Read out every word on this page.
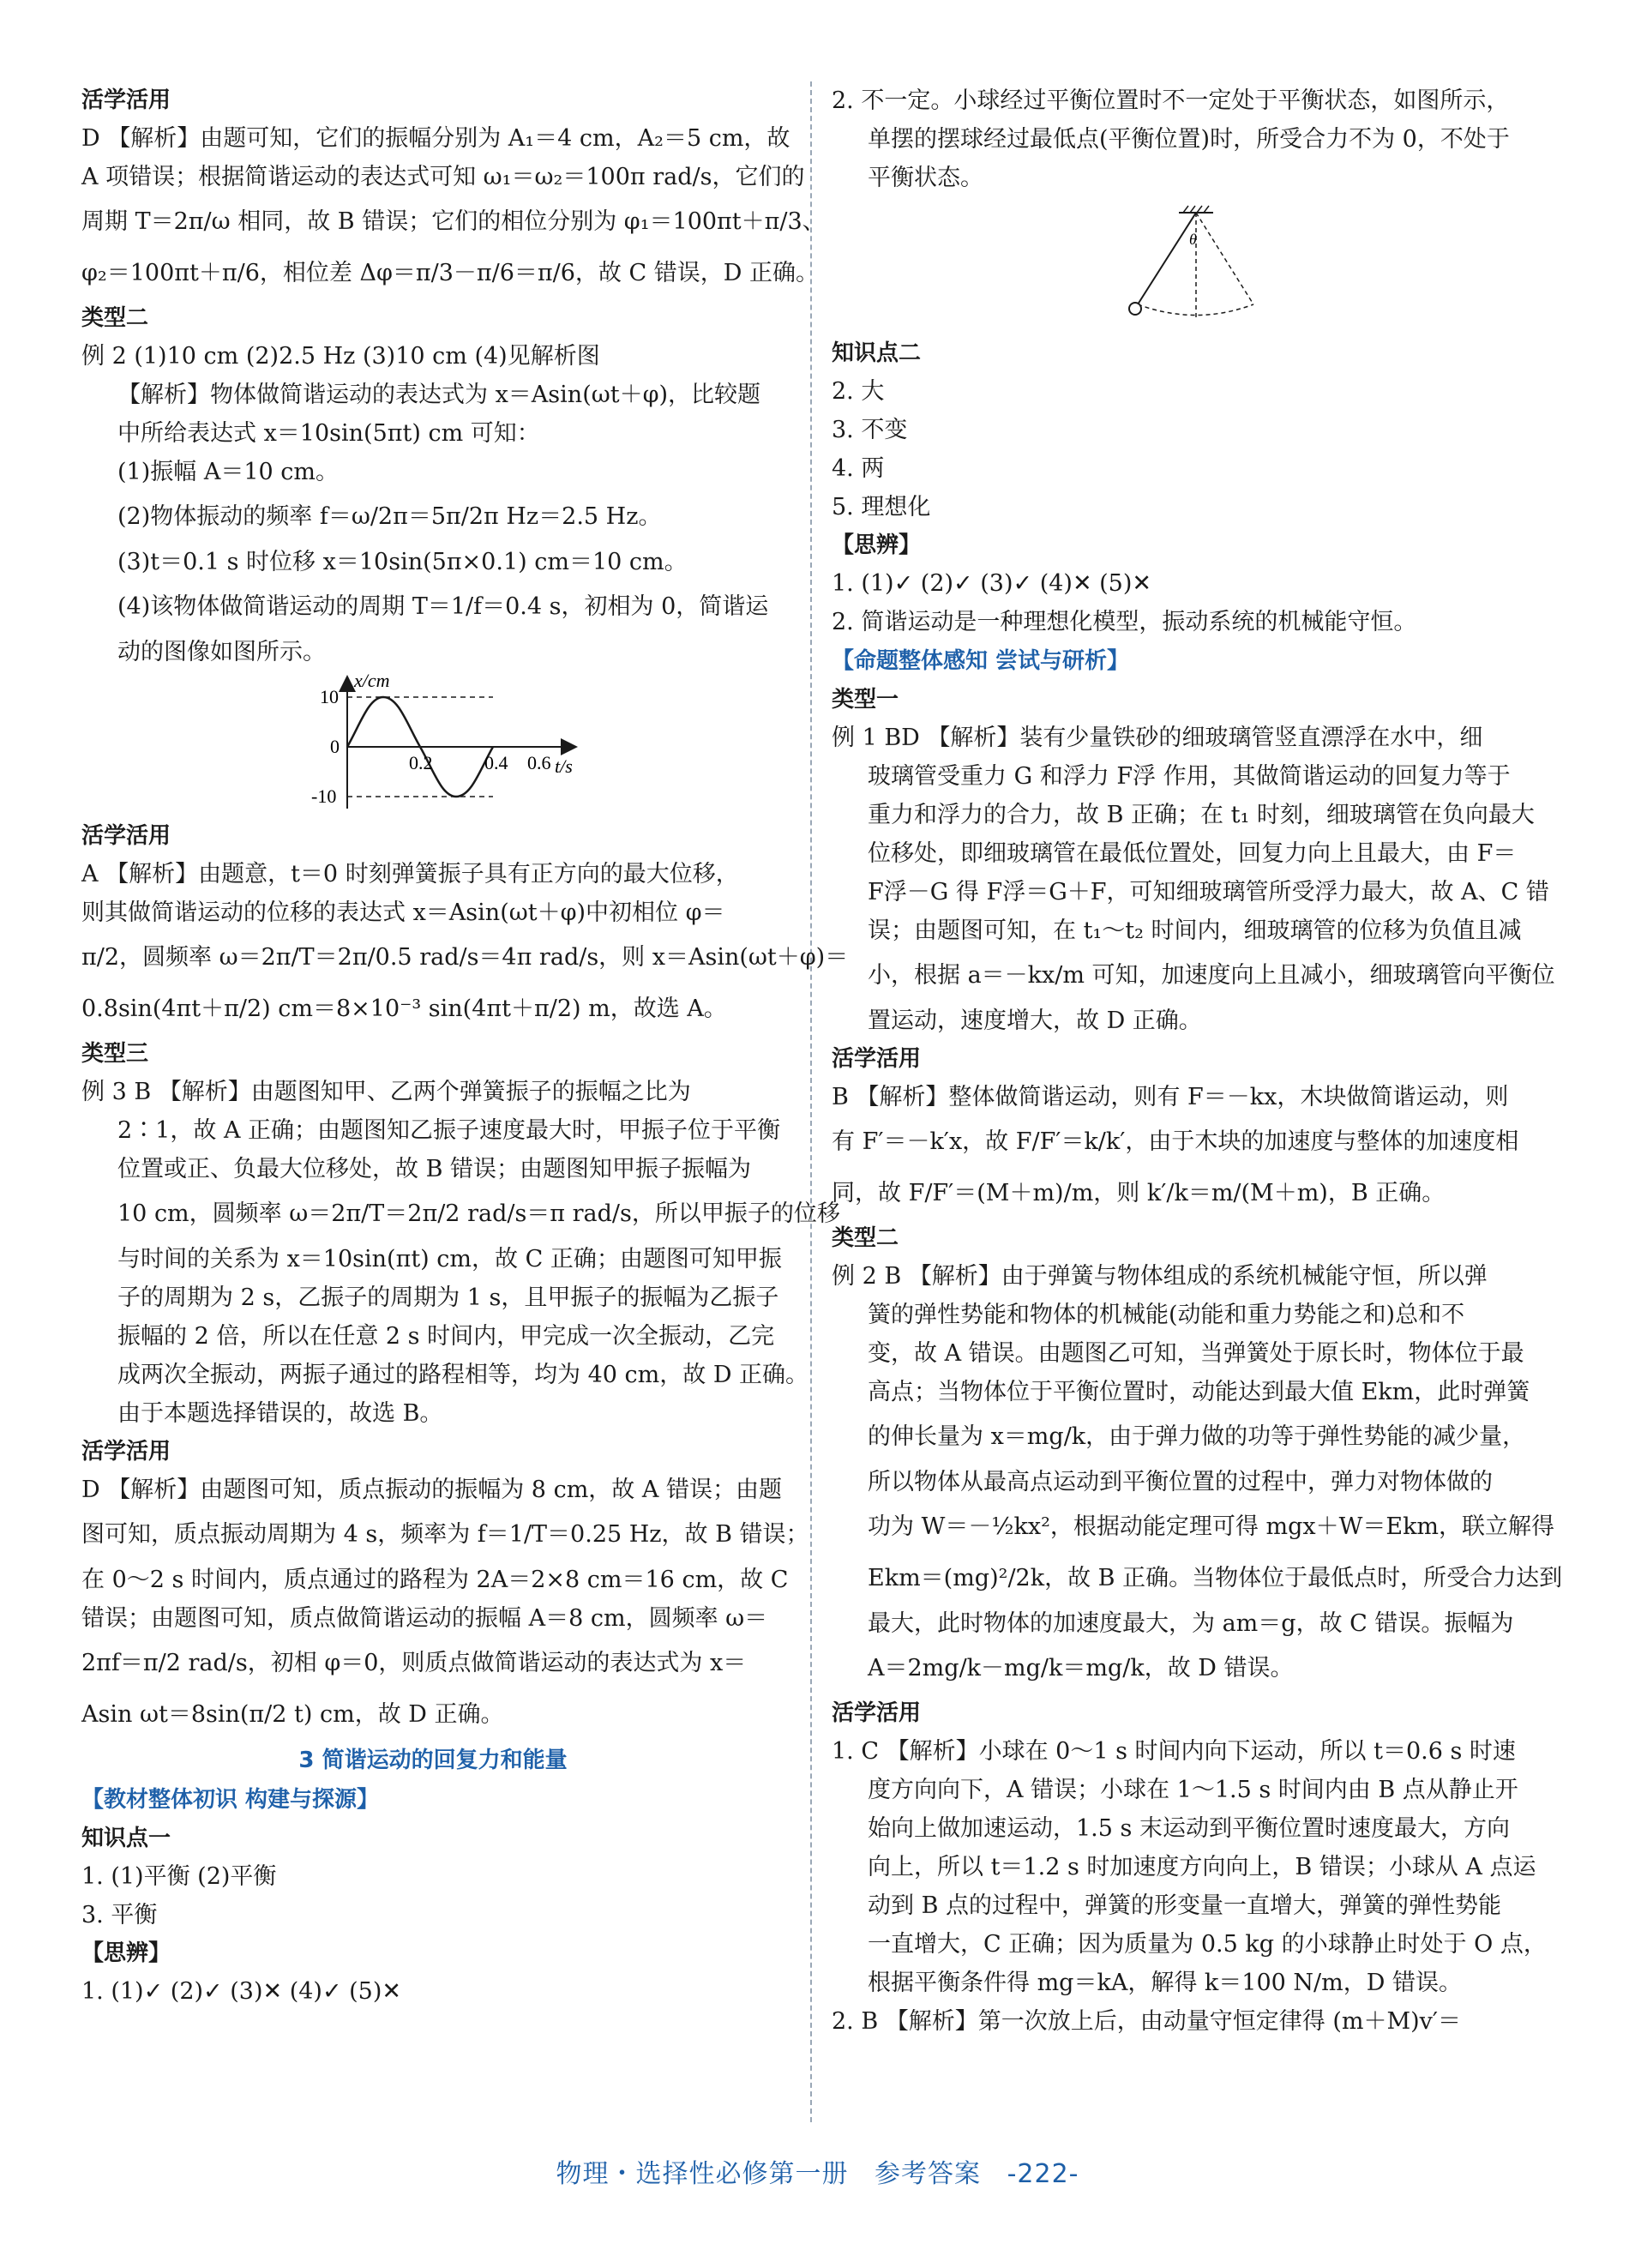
活学活用

D 【解析】由题可知，它们的振幅分别为 A₁＝4 cm，A₂＝5 cm，故

A 项错误；根据简谐运动的表达式可知 ω₁＝ω₂＝100π rad/s，它们的

周期 T＝2π/ω 相同，故 B 错误；它们的相位分别为 φ₁＝100πt＋π/3、

φ₂＝100πt＋π/6，相位差 Δφ＝π/3－π/6＝π/6，故 C 错误，D 正确。

类型二

例 2 (1)10 cm (2)2.5 Hz (3)10 cm (4)见解析图

【解析】物体做简谐运动的表达式为 x＝Asin(ωt＋φ)，比较题

中所给表达式 x＝10sin(5πt) cm 可知：

(1)振幅 A＝10 cm。

(2)物体振动的频率 f＝ω/2π＝5π/2π Hz＝2.5 Hz。

(3)t＝0.1 s 时位移 x＝10sin(5π×0.1) cm＝10 cm。

(4)该物体做简谐运动的周期 T＝1/f＝0.4 s，初相为 0，简谐运

动的图像如图所示。

x/cm
t/s
10
0
-10
0.2	0.4 0.6

活学活用

A 【解析】由题意，t＝0 时刻弹簧振子具有正方向的最大位移，

则其做简谐运动的位移的表达式 x＝Asin(ωt＋φ)中初相位 φ＝

π/2，圆频率 ω＝2π/T＝2π/0.5 rad/s＝4π rad/s，则 x＝Asin(ωt＋φ)＝

0.8sin(4πt＋π/2) cm＝8×10⁻³ sin(4πt＋π/2) m，故选 A。

类型三

例 3 B 【解析】由题图知甲、乙两个弹簧振子的振幅之比为

2∶1，故 A 正确；由题图知乙振子速度最大时，甲振子位于平衡

位置或正、负最大位移处，故 B 错误；由题图知甲振子振幅为

10 cm，圆频率 ω＝2π/T＝2π/2 rad/s＝π rad/s，所以甲振子的位移

与时间的关系为 x＝10sin(πt) cm，故 C 正确；由题图可知甲振

子的周期为 2 s，乙振子的周期为 1 s，且甲振子的振幅为乙振子

振幅的 2 倍，所以在任意 2 s 时间内，甲完成一次全振动，乙完

成两次全振动，两振子通过的路程相等，均为 40 cm，故 D 正确。

由于本题选择错误的，故选 B。

活学活用

D 【解析】由题图可知，质点振动的振幅为 8 cm，故 A 错误；由题

图可知，质点振动周期为 4 s，频率为 f＝1/T＝0.25 Hz，故 B 错误；

在 0～2 s 时间内，质点通过的路程为 2A＝2×8 cm＝16 cm，故 C

错误；由题图可知，质点做简谐运动的振幅 A＝8 cm，圆频率 ω＝

2πf＝π/2 rad/s，初相 φ＝0，则质点做简谐运动的表达式为 x＝

Asin ωt＝8sin(π/2 t) cm，故 D 正确。

3 简谐运动的回复力和能量

【教材整体初识 构建与探源】

知识点一

1. (1)平衡 (2)平衡

3. 平衡

【思辨】

1. (1)✓ (2)✓ (3)✕ (4)✓ (5)✕

2. 不一定。小球经过平衡位置时不一定处于平衡状态，如图所示，

单摆的摆球经过最低点(平衡位置)时，所受合力不为 0，不处于

平衡状态。

θ

知识点二

2. 大

3. 不变

4. 两

5. 理想化

【思辨】

1. (1)✓ (2)✓ (3)✓ (4)✕ (5)✕

2. 简谐运动是一种理想化模型，振动系统的机械能守恒。

【命题整体感知 尝试与研析】

类型一

例 1 BD 【解析】装有少量铁砂的细玻璃管竖直漂浮在水中，细

玻璃管受重力 G 和浮力 F浮 作用，其做简谐运动的回复力等于

重力和浮力的合力，故 B 正确；在 t₁ 时刻，细玻璃管在负向最大

位移处，即细玻璃管在最低位置处，回复力向上且最大，由 F＝

F浮－G 得 F浮＝G＋F，可知细玻璃管所受浮力最大，故 A、C 错

误；由题图可知，在 t₁～t₂ 时间内，细玻璃管的位移为负值且减

小，根据 a＝－kx/m 可知，加速度向上且减小，细玻璃管向平衡位

置运动，速度增大，故 D 正确。

活学活用

B 【解析】整体做简谐运动，则有 F＝－kx，木块做简谐运动，则

有 F′＝－k′x，故 F/F′＝k/k′，由于木块的加速度与整体的加速度相

同，故 F/F′＝(M＋m)/m，则 k′/k＝m/(M＋m)，B 正确。

类型二

例 2 B 【解析】由于弹簧与物体组成的系统机械能守恒，所以弹

簧的弹性势能和物体的机械能(动能和重力势能之和)总和不

变，故 A 错误。由题图乙可知，当弹簧处于原长时，物体位于最

高点；当物体位于平衡位置时，动能达到最大值 Ekm，此时弹簧

的伸长量为 x＝mg/k，由于弹力做的功等于弹性势能的减少量，

所以物体从最高点运动到平衡位置的过程中，弹力对物体做的

功为 W＝－½kx²，根据动能定理可得 mgx＋W＝Ekm，联立解得

Ekm＝(mg)²/2k，故 B 正确。当物体位于最低点时，所受合力达到

最大，此时物体的加速度最大，为 am＝g，故 C 错误。振幅为

A＝2mg/k－mg/k＝mg/k，故 D 错误。

活学活用

1. C 【解析】小球在 0～1 s 时间内向下运动，所以 t＝0.6 s 时速

度方向向下，A 错误；小球在 1～1.5 s 时间内由 B 点从静止开

始向上做加速运动，1.5 s 末运动到平衡位置时速度最大，方向

向上，所以 t＝1.2 s 时加速度方向向上，B 错误；小球从 A 点运

动到 B 点的过程中，弹簧的形变量一直增大，弹簧的弹性势能

一直增大，C 正确；因为质量为 0.5 kg 的小球静止时处于 O 点，

根据平衡条件得 mg＝kA，解得 k＝100 N/m，D 错误。

2. B 【解析】第一次放上后，由动量守恒定律得 (m＋M)v′＝

物理・选择性必修第一册 参考答案 -222-
